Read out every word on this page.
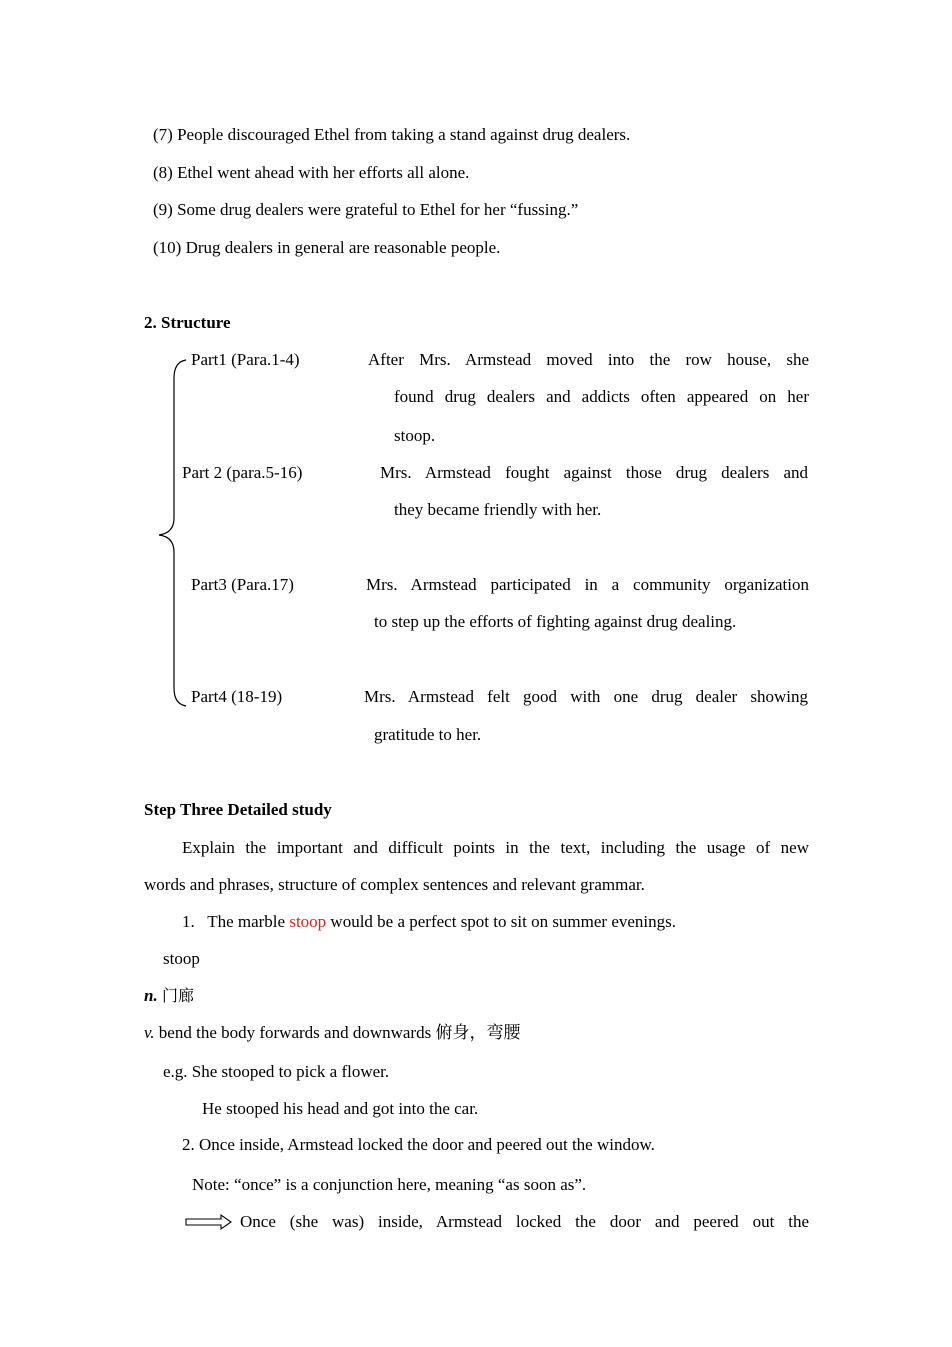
(7) People discouraged Ethel from taking a stand against drug dealers.
(8) Ethel went ahead with her efforts all alone.
(9) Some drug dealers were grateful to Ethel for her “fussing.”
(10) Drug dealers in general are reasonable people.
2. Structure
Part1 (Para.1-4)	After Mrs. Armstead moved into the row house, she
found drug dealers and addicts often appeared on her
stoop.
Part 2 (para.5-16)	Mrs. Armstead fought against those drug dealers and
they became friendly with her.
Part3 (Para.17)	Mrs. Armstead participated in a community organization
to step up the efforts of fighting against drug dealing.
Part4 (18-19)	Mrs. Armstead felt good with one drug dealer showing
gratitude to her.
Step Three Detailed study
Explain the important and difficult points in the text, including the usage of new
words and phrases, structure of complex sentences and relevant grammar.
1.   The marble stoop would be a perfect spot to sit on summer evenings.
stoop
n. 门廊
v. bend the body forwards and downwards 俯身，弯腰
e.g. She stooped to pick a flower.
He stooped his head and got into the car.
2. Once inside, Armstead locked the door and peered out the window.
Note: “once” is a conjunction here, meaning “as soon as”.
Once (she was) inside, Armstead locked the door and peered out the
